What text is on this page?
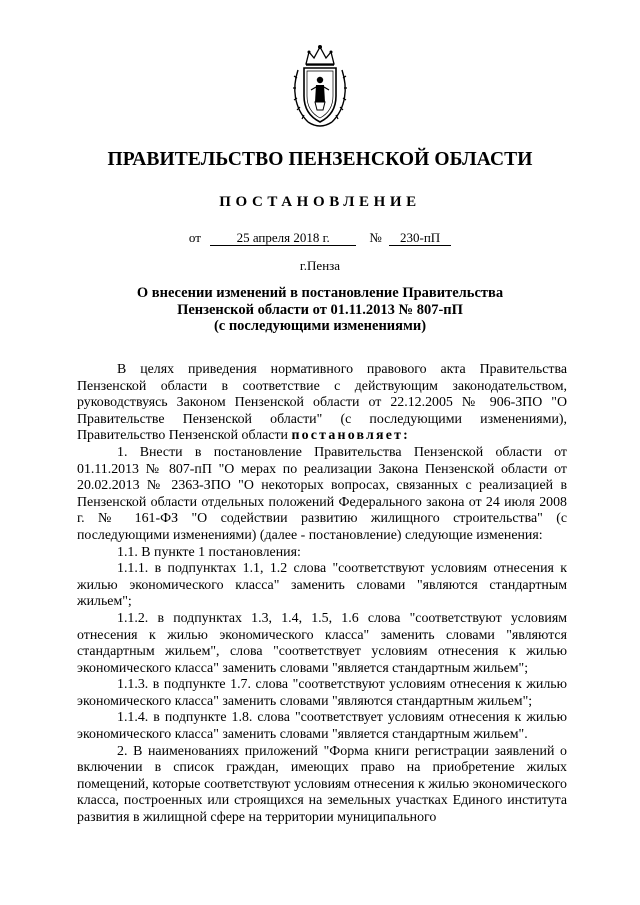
ПРАВИТЕЛЬСТВО ПЕНЗЕНСКОЙ ОБЛАСТИ
ПОСТАНОВЛЕНИЕ
от	25 апреля 2018 г.	№ 230-пП
г.Пенза
О внесении изменений в постановление Правительства
Пензенской области от 01.11.2013 № 807-пП
(с последующими изменениями)

В целях приведения нормативного правового акта Правительства Пензенской области в соответствие с действующим законодательством, руководствуясь Законом Пензенской области от 22.12.2005 № 906-ЗПО "О Правительстве Пензенской области" (с последующими изменениями), Правительство Пензенской области постановляет:

1. Внести в постановление Правительства Пензенской области от 01.11.2013 № 807-пП "О мерах по реализации Закона Пензенской области от 20.02.2013 № 2363-ЗПО "О некоторых вопросах, связанных с реализацией в Пензенской области отдельных положений Федерального закона от 24 июля 2008 г. № 161-ФЗ "О содействии развитию жилищного строительства" (с последующими изменениями) (далее - постановление) следующие изменения:

1.1. В пункте 1 постановления:

1.1.1. в подпунктах 1.1, 1.2 слова "соответствуют условиям отнесения к жилью экономического класса" заменить словами "являются стандартным жильем";

1.1.2. в подпунктах 1.3, 1.4, 1.5, 1.6 слова "соответствуют условиям отнесения к жилью экономического класса" заменить словами "являются стандартным жильем", слова "соответствует условиям отнесения к жилью экономического класса" заменить словами "является стандартным жильем";

1.1.3. в подпункте 1.7. слова "соответствуют условиям отнесения к жилью экономического класса" заменить словами "являются стандартным жильем";

1.1.4. в подпункте 1.8. слова "соответствует условиям отнесения к жилью экономического класса" заменить словами "является стандартным жильем".

2. В наименованиях приложений "Форма книги регистрации заявлений о включении в список граждан, имеющих право на приобретение жилых помещений, которые соответствуют условиям отнесения к жилью экономического класса, построенных или строящихся на земельных участках Единого института развития в жилищной сфере на территории муниципального
